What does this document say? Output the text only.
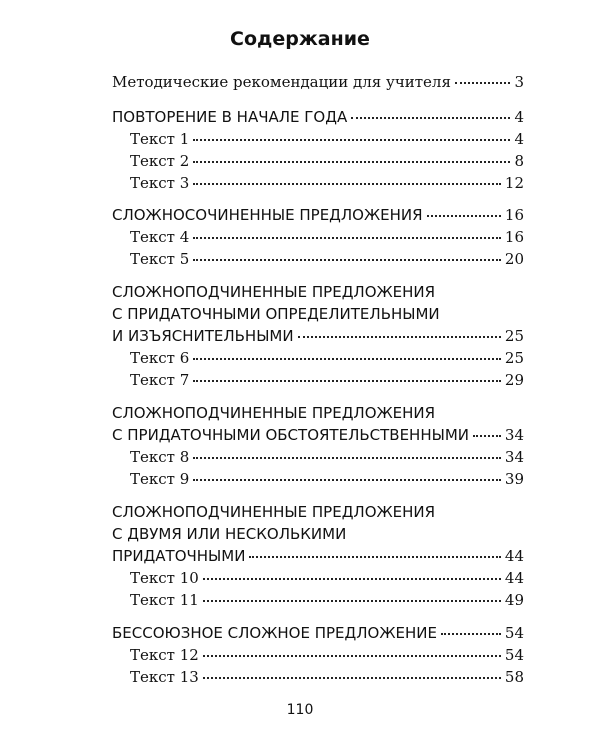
Содержание
Методические рекомендации для учителя	3
ПОВТОРЕНИЕ В НАЧАЛЕ ГОДА	4
Текст 1	4
Текст 2	8
Текст 3	12
СЛОЖНОСОЧИНЕННЫЕ ПРЕДЛОЖЕНИЯ	16
Текст 4	16
Текст 5	20
СЛОЖНОПОДЧИНЕННЫЕ ПРЕДЛОЖЕНИЯ
С ПРИДАТОЧНЫМИ ОПРЕДЕЛИТЕЛЬНЫМИ
И ИЗЪЯСНИТЕЛЬНЫМИ	25
Текст 6	25
Текст 7	29
СЛОЖНОПОДЧИНЕННЫЕ ПРЕДЛОЖЕНИЯ
С ПРИДАТОЧНЫМИ ОБСТОЯТЕЛЬСТВЕННЫМИ 34
Текст 8	34
Текст 9	39
СЛОЖНОПОДЧИНЕННЫЕ ПРЕДЛОЖЕНИЯ
С ДВУМЯ ИЛИ НЕСКОЛЬКИМИ
ПРИДАТОЧНЫМИ	44
Текст 10	44
Текст 11	49
БЕССОЮЗНОЕ СЛОЖНОЕ ПРЕДЛОЖЕНИЕ	54
Текст 12	54
Текст 13	58
110
